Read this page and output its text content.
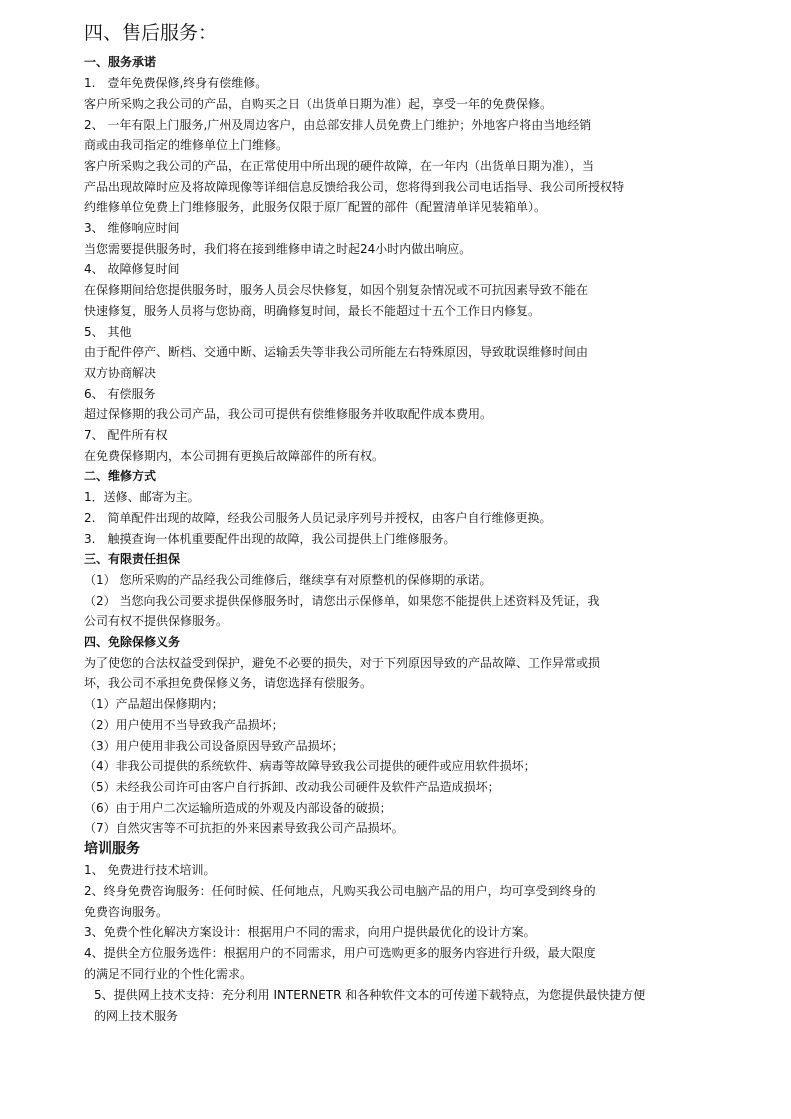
四、售后服务：
一、服务承诺
1.　壹年免费保修,终身有偿维修。
客户所采购之我公司的产品，自购买之日（出货单日期为准）起，享受一年的免费保修。
2、 一年有限上门服务,广州及周边客户，由总部安排人员免费上门维护；外地客户将由当地经销
商或由我司指定的维修单位上门维修。
客户所采购之我公司的产品，在正常使用中所出现的硬件故障，在一年内（出货单日期为准），当
产品出现故障时应及将故障现像等详细信息反馈给我公司，您将得到我公司电话指导、我公司所授权特
约维修单位免费上门维修服务，此服务仅限于原厂配置的部件（配置清单详见装箱单）。
3、 维修响应时间
当您需要提供服务时，我们将在接到维修申请之时起24小时内做出响应。
4、 故障修复时间
在保修期间给您提供服务时，服务人员会尽快修复，如因个别复杂情况或不可抗因素导致不能在
快速修复，服务人员将与您协商，明确修复时间，最长不能超过十五个工作日内修复。
5、 其他
由于配件停产、断档、交通中断、运输丢失等非我公司所能左右特殊原因，导致耽误维修时间由
双方协商解决
6、 有偿服务
超过保修期的我公司产品，我公司可提供有偿维修服务并收取配件成本费用。
7、 配件所有权
在免费保修期内，本公司拥有更换后故障部件的所有权。
二、维修方式
1．送修、邮寄为主。
2.　简单配件出现的故障，经我公司服务人员记录序列号并授权，由客户自行维修更换。
3.　触摸查询一体机重要配件出现的故障，我公司提供上门维修服务。
三、有限责任担保
（1） 您所采购的产品经我公司维修后，继续享有对原整机的保修期的承诺。
（2） 当您向我公司要求提供保修服务时，请您出示保修单，如果您不能提供上述资料及凭证，我
公司有权不提供保修服务。
四、免除保修义务
为了使您的合法权益受到保护，避免不必要的损失，对于下列原因导致的产品故障、工作异常或损
坏，我公司不承担免费保修义务，请您选择有偿服务。
（1）产品超出保修期内；
（2）用户使用不当导致我产品损坏；
（3）用户使用非我公司设备原因导致产品损坏；
（4）非我公司提供的系统软件、病毒等故障导致我公司提供的硬件或应用软件损坏；
（5）未经我公司许可由客户自行拆卸、改动我公司硬件及软件产品造成损坏；
（6）由于用户二次运输所造成的外观及内部设备的破损；
（7）自然灾害等不可抗拒的外来因素导致我公司产品损坏。
培训服务
1、 免费进行技术培训。
2、终身免费咨询服务：任何时候、任何地点，凡购买我公司电脑产品的用户，均可享受到终身的
免费咨询服务。
3、免费个性化解决方案设计：根据用户不同的需求，向用户提供最优化的设计方案。
4、提供全方位服务选件：根据用户的不同需求，用户可选购更多的服务内容进行升级，最大限度
的满足不同行业的个性化需求。
5、提供网上技术支持：充分利用 INTERNETR 和各种软件文本的可传递下载特点，为您提供最快捷方便
的网上技术服务
